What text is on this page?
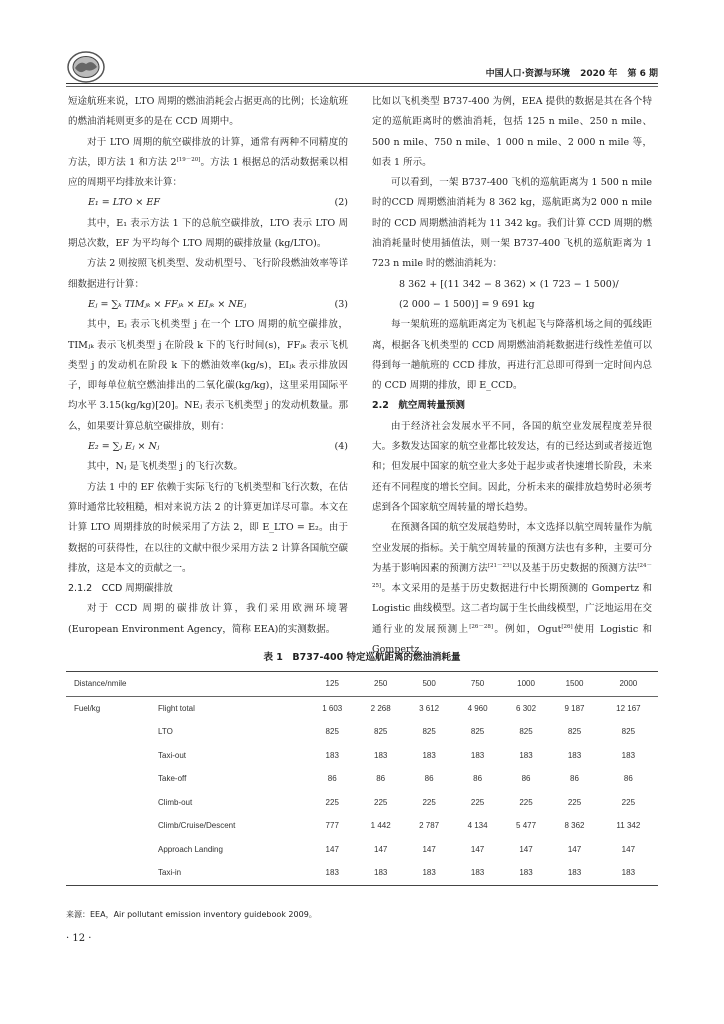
中国人口·资源与环境 2020 年 第 6 期

短途航班来说，LTO 周期的燃油消耗会占据更高的比例；长途航班的燃油消耗则更多的是在 CCD 周期中。

对于 LTO 周期的航空碳排放的计算，通常有两种不同精度的方法，即方法 1 和方法 2[19－20]。方法 1 根据总的活动数据乘以相应的周期平均排放来计算：

E₁ = LTO × EF	(2)

其中，E₁ 表示方法 1 下的总航空碳排放，LTO 表示 LTO 周期总次数，EF 为平均每个 LTO 周期的碳排放量 (kg/LTO)。

方法 2 则按照飞机类型、发动机型号、飞行阶段燃油效率等详细数据进行计算：

Eⱼ = ∑ₖ TIMⱼₖ × FFⱼₖ × EIⱼₖ × NEⱼ	(3)

其中，Eⱼ 表示飞机类型 j 在一个 LTO 周期的航空碳排放，TIMⱼₖ 表示飞机类型 j 在阶段 k 下的飞行时间(s)，FFⱼₖ 表示飞机类型 j 的发动机在阶段 k 下的燃油效率(kg/s)，EIⱼₖ 表示排放因子，即每单位航空燃油排出的二氧化碳(kg/kg)，这里采用国际平均水平 3.15(kg/kg)[20]。NEⱼ 表示飞机类型 j 的发动机数量。那么，如果要计算总航空碳排放，则有：

E₂ = ∑ⱼ Eⱼ × Nⱼ	(4)

其中，Nⱼ 是飞机类型 j 的飞行次数。

方法 1 中的 EF 依赖于实际飞行的飞机类型和飞行次数，在估算时通常比较粗糙，相对来说方法 2 的计算更加详尽可靠。本文在计算 LTO 周期排放的时候采用了方法 2，即 E_LTO = E₂。由于数据的可获得性，在以往的文献中很少采用方法 2 计算各国航空碳排放，这是本文的贡献之一。

2.1.2　CCD 周期碳排放

对于 CCD 周期的碳排放计算，我们采用欧洲环境署(European Environment Agency，简称 EEA)的实测数据。

比如以飞机类型 B737-400 为例，EEA 提供的数据是其在各个特定的巡航距离时的燃油消耗，包括 125 n mile、250 n mile、500 n mile、750 n mile、1 000 n mile、2 000 n mile 等，如表 1 所示。

可以看到，一架 B737-400 飞机的巡航距离为 1 500 n mile时的CCD 周期燃油消耗为 8 362 kg，巡航距离为2 000 n mile时的 CCD 周期燃油消耗为 11 342 kg。我们计算 CCD 周期的燃油消耗量时使用插值法，则一架 B737-400 飞机的巡航距离为 1 723 n mile 时的燃油消耗为：

8 362 + [(11 342 − 8 362) × (1 723 − 1 500)/

(2 000 − 1 500)] = 9 691 kg

每一架航班的巡航距离定为飞机起飞与降落机场之间的弧线距离，根据各飞机类型的 CCD 周期燃油消耗数据进行线性差值可以得到每一趟航班的 CCD 排放，再进行汇总即可得到一定时间内总的 CCD 周期的排放，即 E_CCD。

2.2　航空周转量预测

由于经济社会发展水平不同，各国的航空业发展程度差异很大。多数发达国家的航空业都比较发达，有的已经达到或者接近饱和；但发展中国家的航空业大多处于起步或者快速增长阶段，未来还有不同程度的增长空间。因此，分析未来的碳排放趋势时必须考虑到各个国家航空周转量的增长趋势。

在预测各国的航空发展趋势时，本文选择以航空周转量作为航空业发展的指标。关于航空周转量的预测方法也有多种，主要可分为基于影响因素的预测方法[21－23]以及基于历史数据的预测方法[24－25]。本文采用的是基于历史数据进行中长期预测的 Gompertz 和 Logistic 曲线模型。这二者均属于生长曲线模型，广泛地运用在交通行业的发展预测上[26－28]。例如，Ogut[26]使用 Logistic 和 Gompertz

表 1　B737-400 特定巡航距离的燃油消耗量
Distance/nmile		125	250	500	750	1000	1500	2000
Fuel/kg	Flight total	1 603	2 268	3 612	4 960	6 302	9 187	12 167
	LTO	825	825	825	825	825	825	825
	Taxi-out	183	183	183	183	183	183	183
	Take-off	86	86	86	86	86	86	86
	Climb-out	225	225	225	225	225	225	225
	Climb/Cruise/Descent	777	1 442	2 787	4 134	5 477	8 362	11 342
	Approach Landing	147	147	147	147	147	147	147
	Taxi-in	183	183	183	183	183	183	183
来源：EEA，Air pollutant emission inventory guidebook 2009。
· 12 ·
